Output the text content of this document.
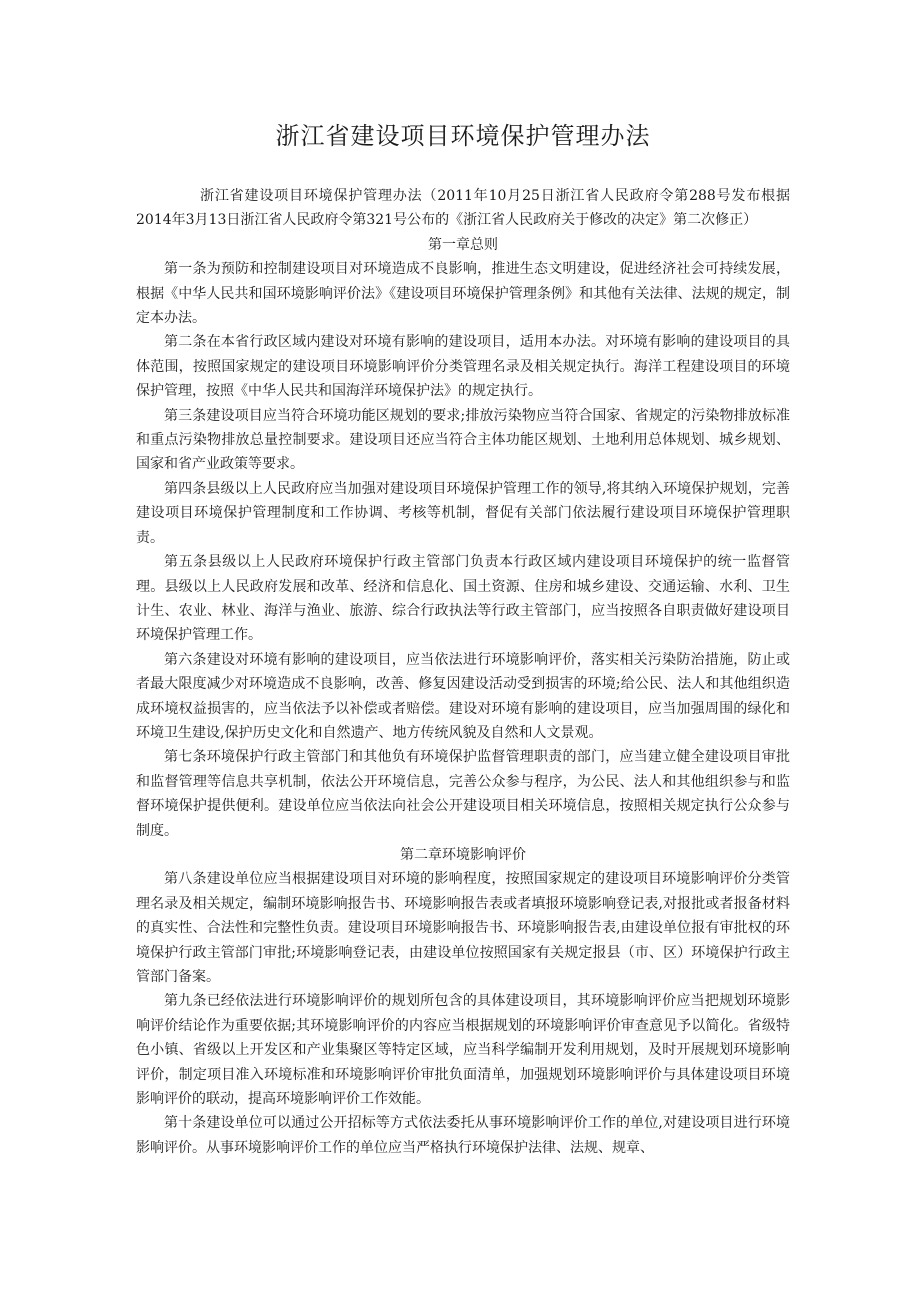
浙江省建设项目环境保护管理办法

浙江省建设项目环境保护管理办法（2011年10月25日浙江省人民政府令第288号发布根据2014年3月13日浙江省人民政府令第321号公布的《浙江省人民政府关于修改的决定》第二次修正）

第一章总则

第一条为预防和控制建设项目对环境造成不良影响，推进生态文明建设，促进经济社会可持续发展，根据《中华人民共和国环境影响评价法》《建设项目环境保护管理条例》和其他有关法律、法规的规定，制定本办法。

第二条在本省行政区域内建设对环境有影响的建设项目，适用本办法。对环境有影响的建设项目的具体范围，按照国家规定的建设项目环境影响评价分类管理名录及相关规定执行。海洋工程建设项目的环境保护管理，按照《中华人民共和国海洋环境保护法》的规定执行。

第三条建设项目应当符合环境功能区规划的要求;排放污染物应当符合国家、省规定的污染物排放标准和重点污染物排放总量控制要求。建设项目还应当符合主体功能区规划、土地利用总体规划、城乡规划、国家和省产业政策等要求。

第四条县级以上人民政府应当加强对建设项目环境保护管理工作的领导,将其纳入环境保护规划，完善建设项目环境保护管理制度和工作协调、考核等机制，督促有关部门依法履行建设项目环境保护管理职责。

第五条县级以上人民政府环境保护行政主管部门负责本行政区域内建设项目环境保护的统一监督管理。县级以上人民政府发展和改革、经济和信息化、国土资源、住房和城乡建设、交通运输、水利、卫生计生、农业、林业、海洋与渔业、旅游、综合行政执法等行政主管部门，应当按照各自职责做好建设项目环境保护管理工作。

第六条建设对环境有影响的建设项目，应当依法进行环境影响评价，落实相关污染防治措施，防止或者最大限度减少对环境造成不良影响，改善、修复因建设活动受到损害的环境;给公民、法人和其他组织造成环境权益损害的，应当依法予以补偿或者赔偿。建设对环境有影响的建设项目，应当加强周围的绿化和环境卫生建设,保护历史文化和自然遗产、地方传统风貌及自然和人文景观。

第七条环境保护行政主管部门和其他负有环境保护监督管理职责的部门，应当建立健全建设项目审批和监督管理等信息共享机制，依法公开环境信息，完善公众参与程序，为公民、法人和其他组织参与和监督环境保护提供便利。建设单位应当依法向社会公开建设项目相关环境信息，按照相关规定执行公众参与制度。

第二章环境影响评价

第八条建设单位应当根据建设项目对环境的影响程度，按照国家规定的建设项目环境影响评价分类管理名录及相关规定，编制环境影响报告书、环境影响报告表或者填报环境影响登记表,对报批或者报备材料的真实性、合法性和完整性负责。建设项目环境影响报告书、环境影响报告表,由建设单位报有审批权的环境保护行政主管部门审批;环境影响登记表，由建设单位按照国家有关规定报县（市、区）环境保护行政主管部门备案。

第九条已经依法进行环境影响评价的规划所包含的具体建设项目，其环境影响评价应当把规划环境影响评价结论作为重要依据;其环境影响评价的内容应当根据规划的环境影响评价审查意见予以简化。省级特色小镇、省级以上开发区和产业集聚区等特定区域，应当科学编制开发利用规划，及时开展规划环境影响评价，制定项目准入环境标准和环境影响评价审批负面清单，加强规划环境影响评价与具体建设项目环境影响评价的联动，提高环境影响评价工作效能。

第十条建设单位可以通过公开招标等方式依法委托从事环境影响评价工作的单位,对建设项目进行环境影响评价。从事环境影响评价工作的单位应当严格执行环境保护法律、法规、规章、
